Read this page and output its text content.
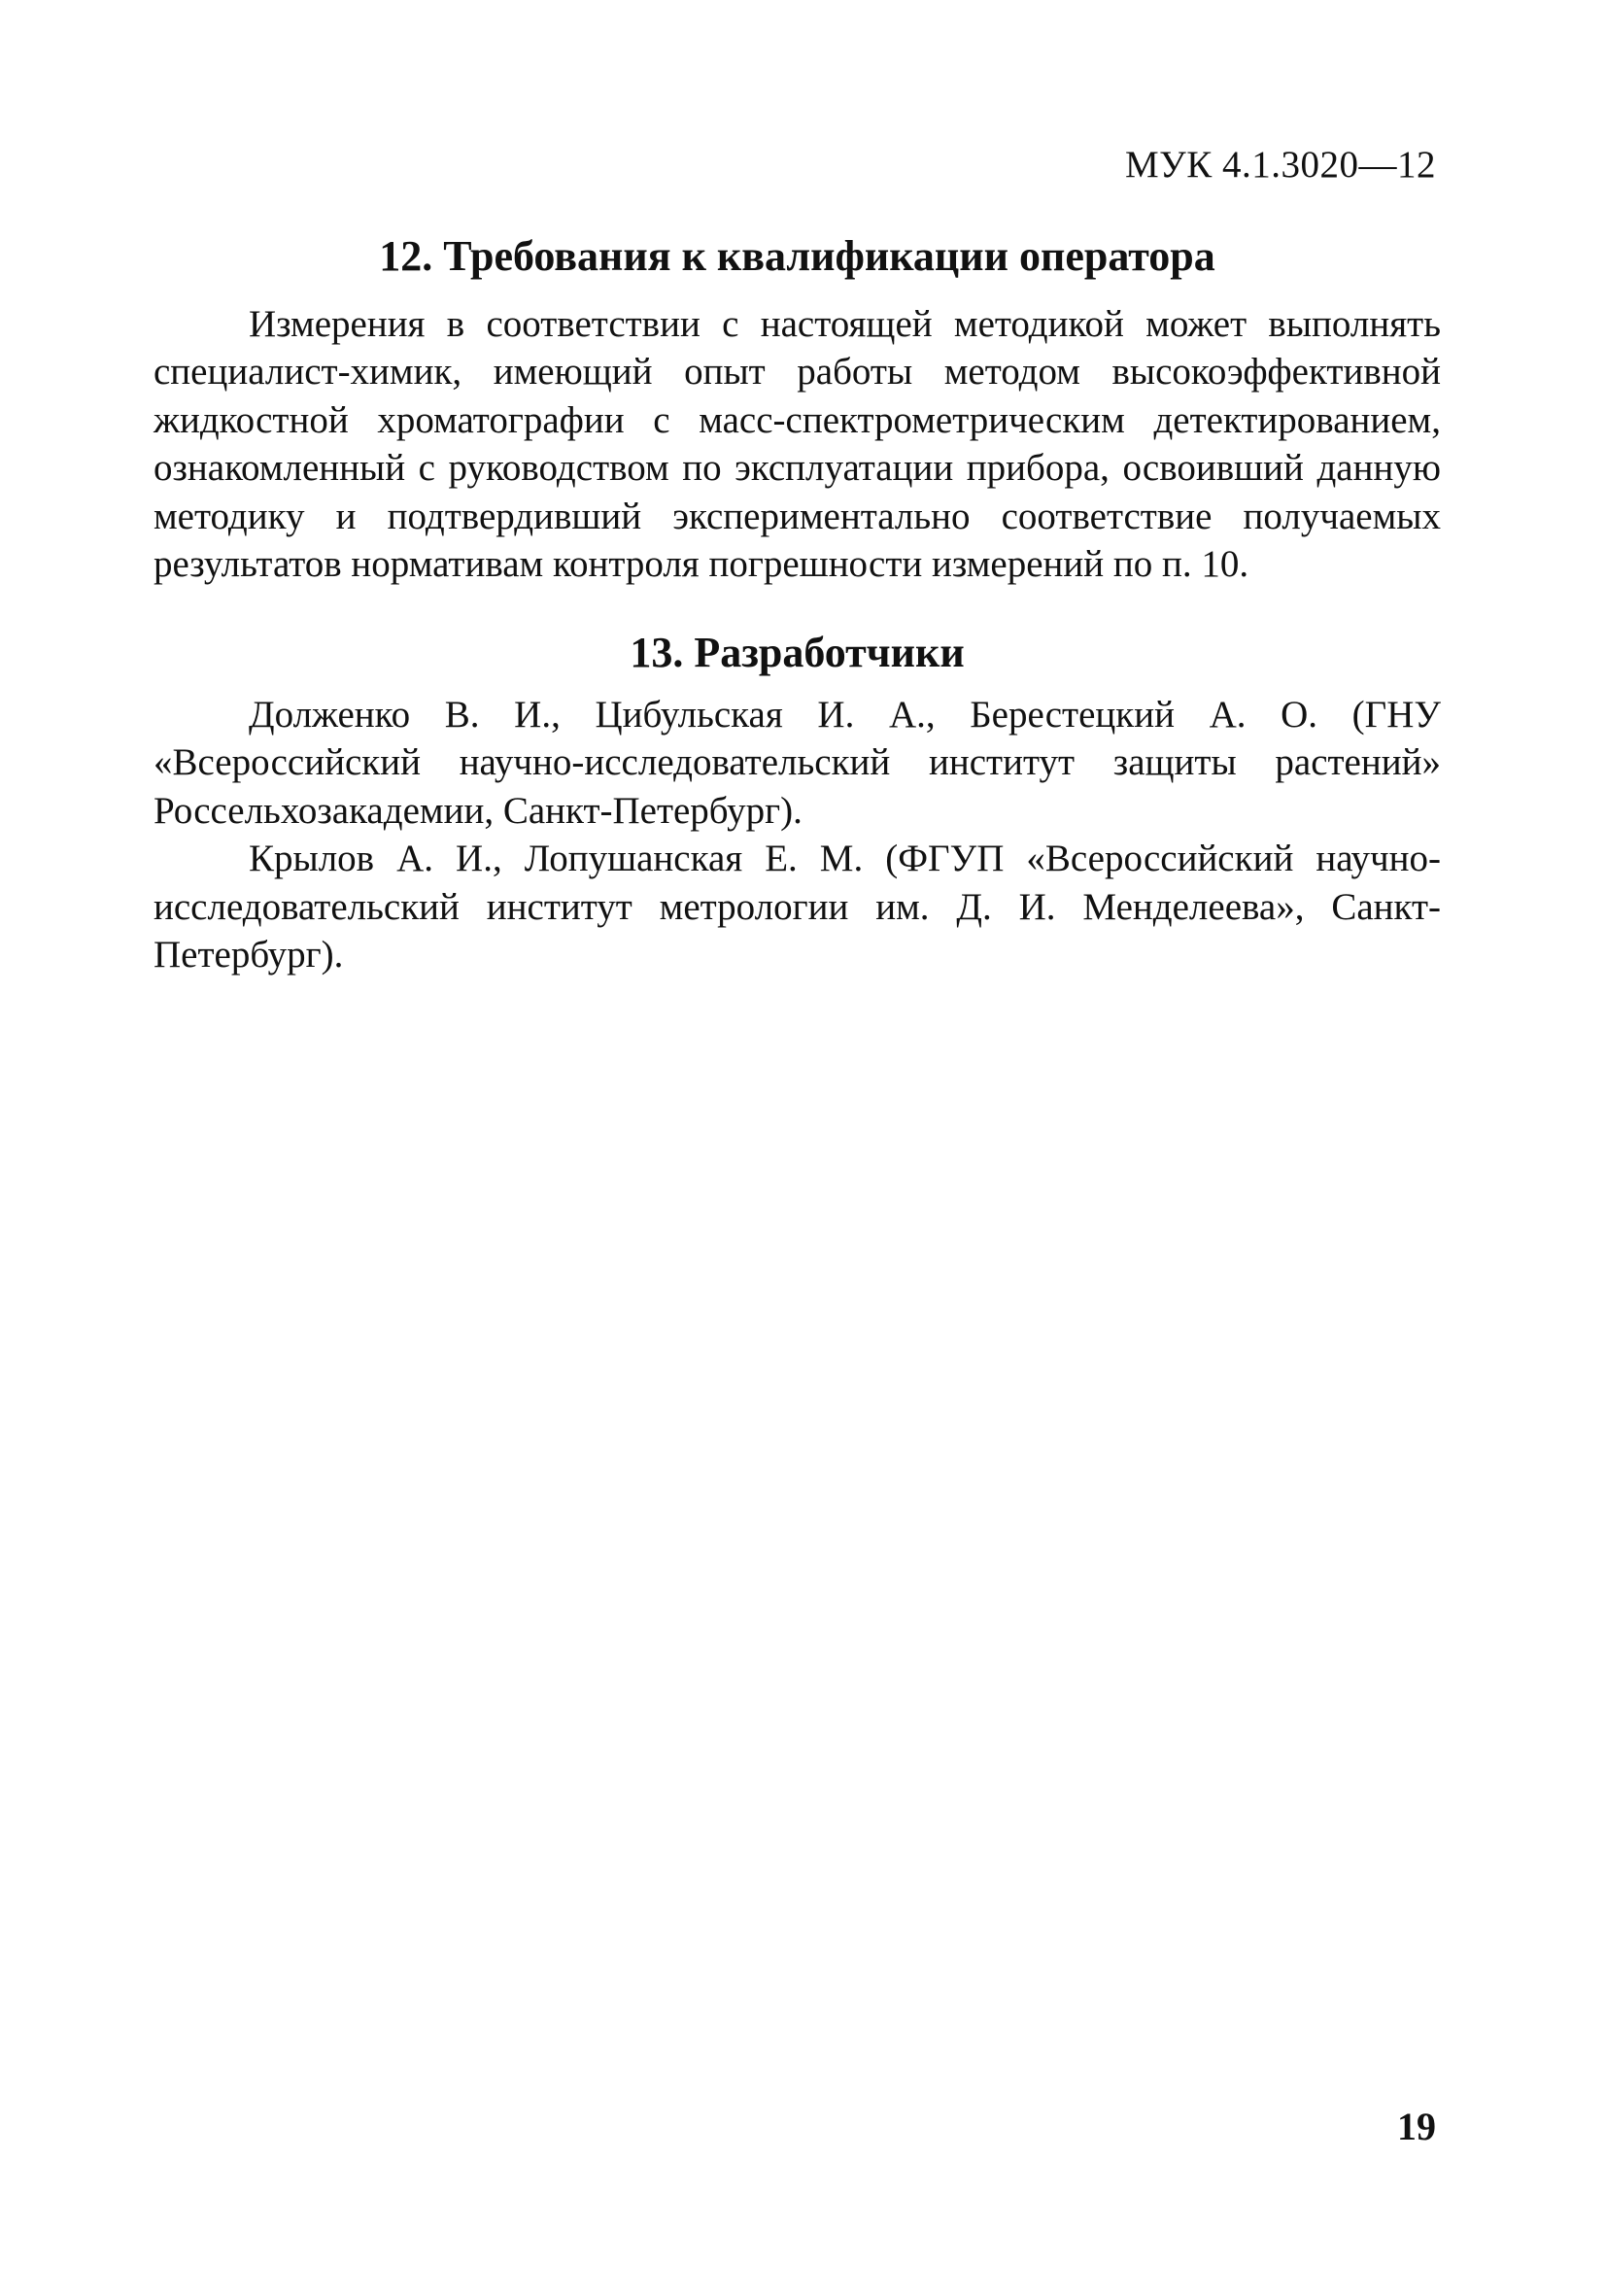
МУК 4.1.3020—12
12. Требования к квалификации оператора

Измерения в соответствии с настоящей методикой может выполнять специалист-химик, имеющий опыт работы методом высокоэффективной жидкостной хроматографии с масс-спектрометрическим детектированием, ознакомленный с руководством по эксплуатации прибора, освоивший данную методику и подтвердивший экспериментально соответствие получаемых результатов нормативам контроля погрешности измерений по п. 10.

13. Разработчики

Долженко В. И., Цибульская И. А., Берестецкий А. О. (ГНУ «Всероссийский научно-исследовательский институт защиты растений» Россельхозакадемии, Санкт-Петербург).

Крылов А. И., Лопушанская Е. М. (ФГУП «Всероссийский научно-исследовательский институт метрологии им. Д. И. Менделеева», Санкт-Петербург).

19
